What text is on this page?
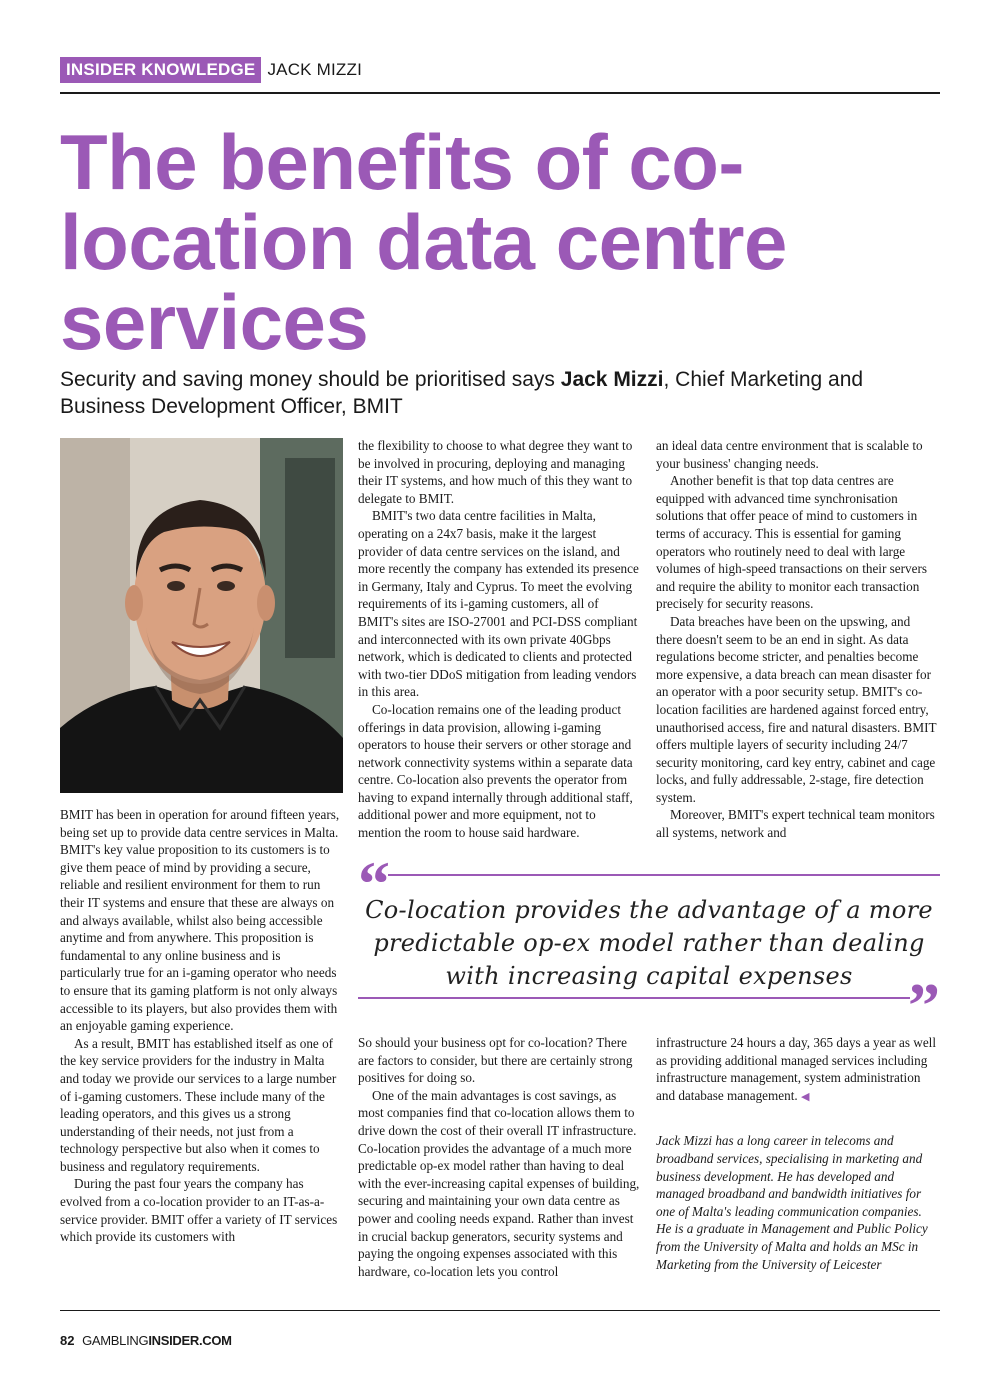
INSIDER KNOWLEDGE JACK MIZZI
The benefits of co-location data centre services

Security and saving money should be prioritised says Jack Mizzi, Chief Marketing and Business Development Officer, BMIT

BMIT has been in operation for around fifteen years, being set up to provide data centre services in Malta. BMIT's key value proposition to its customers is to give them peace of mind by providing a secure, reliable and resilient environment for them to run their IT systems and ensure that these are always on and always available, whilst also being accessible anytime and from anywhere. This proposition is fundamental to any online business and is particularly true for an i-gaming operator who needs to ensure that its gaming platform is not only always accessible to its players, but also provides them with an enjoyable gaming experience.

As a result, BMIT has established itself as one of the key service providers for the industry in Malta and today we provide our services to a large number of i-gaming customers. These include many of the leading operators, and this gives us a strong understanding of their needs, not just from a technology perspective but also when it comes to business and regulatory requirements.

During the past four years the company has evolved from a co-location provider to an IT-as-a-service provider. BMIT offer a variety of IT services which provide its customers with

the flexibility to choose to what degree they want to be involved in procuring, deploying and managing their IT systems, and how much of this they want to delegate to BMIT.

BMIT's two data centre facilities in Malta, operating on a 24x7 basis, make it the largest provider of data centre services on the island, and more recently the company has extended its presence in Germany, Italy and Cyprus. To meet the evolving requirements of its i-gaming customers, all of BMIT's sites are ISO-27001 and PCI-DSS compliant and interconnected with its own private 40Gbps network, which is dedicated to clients and protected with two-tier DDoS mitigation from leading vendors in this area.

Co-location remains one of the leading product offerings in data provision, allowing i-gaming operators to house their servers or other storage and network connectivity systems within a separate data centre. Co-location also prevents the operator from having to expand internally through additional staff, additional power and more equipment, not to mention the room to house said hardware.

an ideal data centre environment that is scalable to your business' changing needs.

Another benefit is that top data centres are equipped with advanced time synchronisation solutions that offer peace of mind to customers in terms of accuracy. This is essential for gaming operators who routinely need to deal with large volumes of high-speed transactions on their servers and require the ability to monitor each transaction precisely for security reasons.

Data breaches have been on the upswing, and there doesn't seem to be an end in sight. As data regulations become stricter, and penalties become more expensive, a data breach can mean disaster for an operator with a poor security setup. BMIT's co-location facilities are hardened against forced entry, unauthorised access, fire and natural disasters. BMIT offers multiple layers of security including 24/7 security monitoring, card key entry, cabinet and cage locks, and fully addressable, 2-stage, fire detection system.

Moreover, BMIT's expert technical team monitors all systems, network and

“

Co-location provides the advantage of a more predictable op-ex model rather than dealing with increasing capital expenses ”

So should your business opt for co-location? There are factors to consider, but there are certainly strong positives for doing so.

One of the main advantages is cost savings, as most companies find that co-location allows them to drive down the cost of their overall IT infrastructure. Co-location provides the advantage of a much more predictable op-ex model rather than having to deal with the ever-increasing capital expenses of building, securing and maintaining your own data centre as power and cooling needs expand. Rather than invest in crucial backup generators, security systems and paying the ongoing expenses associated with this hardware, co-location lets you control

infrastructure 24 hours a day, 365 days a year as well as providing additional managed services including infrastructure management, system administration and database management. ◀

Jack Mizzi has a long career in telecoms and broadband services, specialising in marketing and business development. He has developed and managed broadband and bandwidth initiatives for one of Malta's leading communication companies. He is a graduate in Management and Public Policy from the University of Malta and holds an MSc in Marketing from the University of Leicester

82 GAMBLINGINSIDER.COM
